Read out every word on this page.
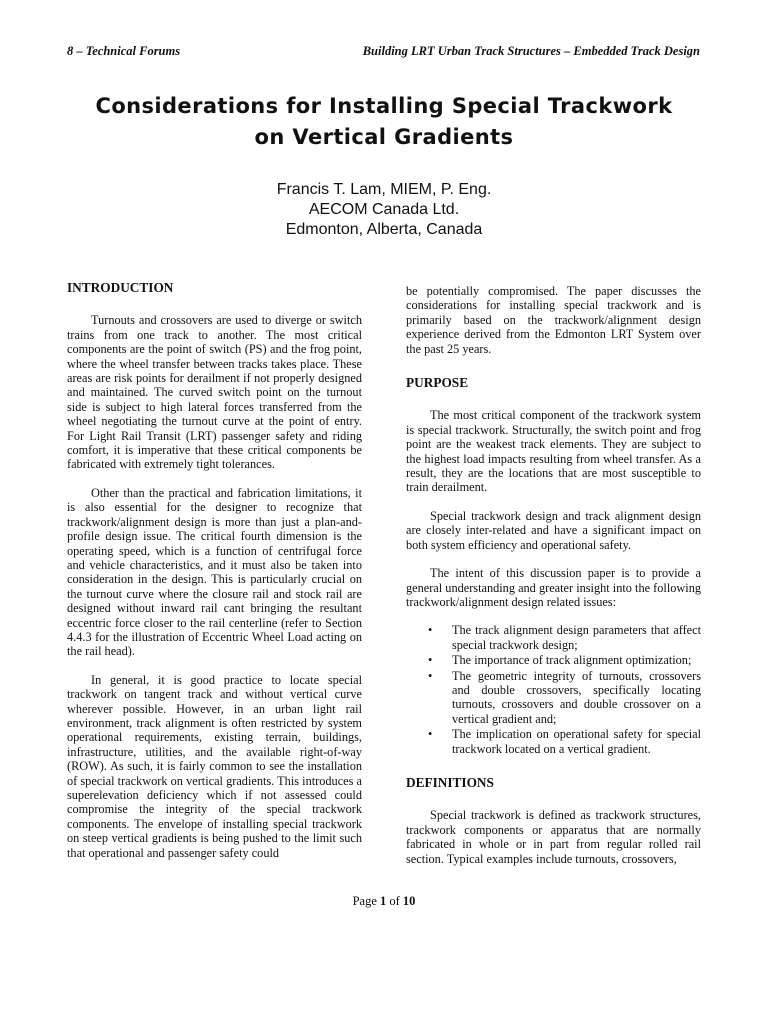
8 – Technical Forums	Building LRT Urban Track Structures – Embedded Track Design
Considerations for Installing Special Trackwork
on Vertical Gradients
Francis T. Lam, MIEM, P. Eng.
AECOM Canada Ltd.
Edmonton, Alberta, Canada
INTRODUCTION

Turnouts and crossovers are used to diverge or switch trains from one track to another. The most critical components are the point of switch (PS) and the frog point, where the wheel transfer between tracks takes place. These areas are risk points for derailment if not properly designed and maintained. The curved switch point on the turnout side is subject to high lateral forces transferred from the wheel negotiating the turnout curve at the point of entry. For Light Rail Transit (LRT) passenger safety and riding comfort, it is imperative that these critical components be fabricated with extremely tight tolerances.

Other than the practical and fabrication limitations, it is also essential for the designer to recognize that trackwork/alignment design is more than just a plan-and-profile design issue. The critical fourth dimension is the operating speed, which is a function of centrifugal force and vehicle characteristics, and it must also be taken into consideration in the design. This is particularly crucial on the turnout curve where the closure rail and stock rail are designed without inward rail cant bringing the resultant eccentric force closer to the rail centerline (refer to Section 4.4.3 for the illustration of Eccentric Wheel Load acting on the rail head).

In general, it is good practice to locate special trackwork on tangent track and without vertical curve wherever possible. However, in an urban light rail environment, track alignment is often restricted by system operational requirements, existing terrain, buildings, infrastructure, utilities, and the available right-of-way (ROW). As such, it is fairly common to see the installation of special trackwork on vertical gradients. This introduces a superelevation deficiency which if not assessed could compromise the integrity of the special trackwork components. The envelope of installing special trackwork on steep vertical gradients is being pushed to the limit such that operational and passenger safety could

be potentially compromised. The paper discusses the considerations for installing special trackwork and is primarily based on the trackwork/alignment design experience derived from the Edmonton LRT System over the past 25 years.

PURPOSE

The most critical component of the trackwork system is special trackwork. Structurally, the switch point and frog point are the weakest track elements. They are subject to the highest load impacts resulting from wheel transfer. As a result, they are the locations that are most susceptible to train derailment.

Special trackwork design and track alignment design are closely inter-related and have a significant impact on both system efficiency and operational safety.

The intent of this discussion paper is to provide a general understanding and greater insight into the following trackwork/alignment design related issues:

• The track alignment design parameters that affect special trackwork design;
• The importance of track alignment optimization;
• The geometric integrity of turnouts, crossovers and double crossovers, specifically locating turnouts, crossovers and double crossover on a vertical gradient and;
• The implication on operational safety for special trackwork located on a vertical gradient.
DEFINITIONS

Special trackwork is defined as trackwork structures, trackwork components or apparatus that are normally fabricated in whole or in part from regular rolled rail section. Typical examples include turnouts, crossovers,

Page 1 of 10
